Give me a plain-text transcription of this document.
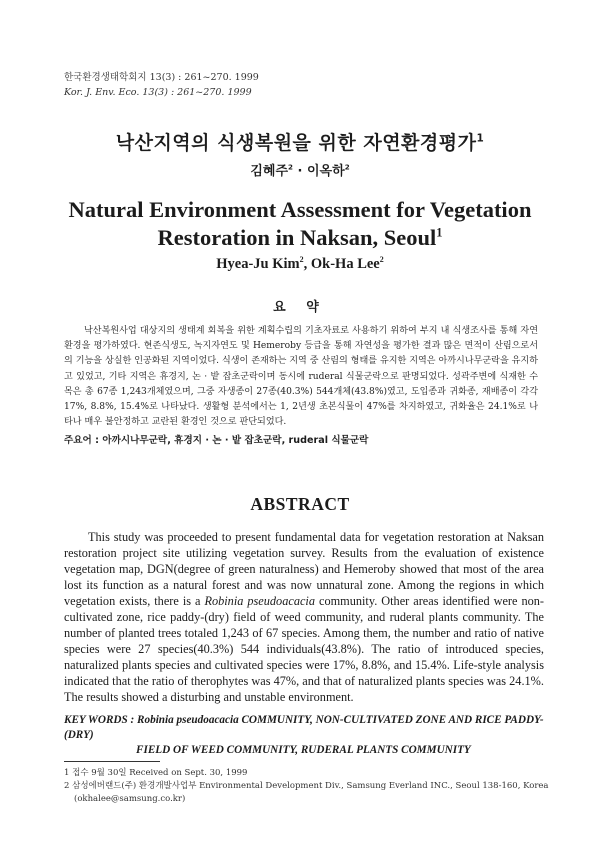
한국환경생태학회지 13(3) : 261~270. 1999
Kor. J. Env. Eco. 13(3) : 261~270. 1999
낙산지역의 식생복원을 위한 자연환경평가$^1$
김혜주$^2$ · 이옥하$^2$
Natural Environment Assessment for Vegetation
Restoration in Naksan, Seoul$^1$
Hyea-Ju Kim$^2$, Ok-Ha Lee$^2$
요 약

낙산복원사업 대상지의 생태계 회복을 위한 계획수립의 기초자료로 사용하기 위하여 부지 내 식생조사를 통해 자연환경을 평가하였다. 현존식생도, 녹지자연도 및 Hemeroby 등급을 통해 자연성을 평가한 결과 많은 면적이 산림으로서의 기능을 상실한 인공화된 지역이었다. 식생이 존재하는 지역 중 산림의 형태를 유지한 지역은 아까시나무군락을 유지하고 있었고, 기타 지역은 휴경지, 논 · 밭 잡초군락이며 동시에 ruderal 식물군락으로 판명되었다. 성곽주변에 식재한 수목은 총 67종 1,243개체였으며, 그중 자생종이 27종(40.3%) 544개체(43.8%)였고, 도입종과 귀화종, 재배종이 각각 17%, 8.8%, 15.4%로 나타났다. 생활형 분석에서는 1, 2년생 초본식물이 47%를 차지하였고, 귀화율은 24.1%로 나타나 매우 불안정하고 교란된 환경인 것으로 판단되었다.

주요어 : 아까시나무군락, 휴경지 · 논 · 밭 잡초군락, ruderal 식물군락
ABSTRACT

This study was proceeded to present fundamental data for vegetation restoration at Naksan restoration project site utilizing vegetation survey. Results from the evaluation of existence vegetation map, DGN(degree of green naturalness) and Hemeroby showed that most of the area lost its function as a natural forest and was now unnatural zone. Among the regions in which vegetation exists, there is a Robinia pseudoacacia community. Other areas identified were non-cultivated zone, rice paddy-(dry) field of weed community, and ruderal plants community. The number of planted trees totaled 1,243 of 67 species. Among them, the number and ratio of native species were 27 species(40.3%) 544 individuals(43.8%). The ratio of introduced species, naturalized plants species and cultivated species were 17%, 8.8%, and 15.4%. Life-style analysis indicated that the ratio of therophytes was 47%, and that of naturalized plants species was 24.1%. The results showed a disturbing and unstable environment.

KEY WORDS : Robinia pseudoacacia COMMUNITY, NON-CULTIVATED ZONE AND RICE PADDY-(DRY)
FIELD OF WEED COMMUNITY, RUDERAL PLANTS COMMUNITY
1 접수 9월 30일 Received on Sept. 30, 1999
2 삼성에버랜드(주) 환경개발사업부 Environmental Development Div., Samsung Everland INC., Seoul 138-160, Korea
(okhalee@samsung.co.kr)
